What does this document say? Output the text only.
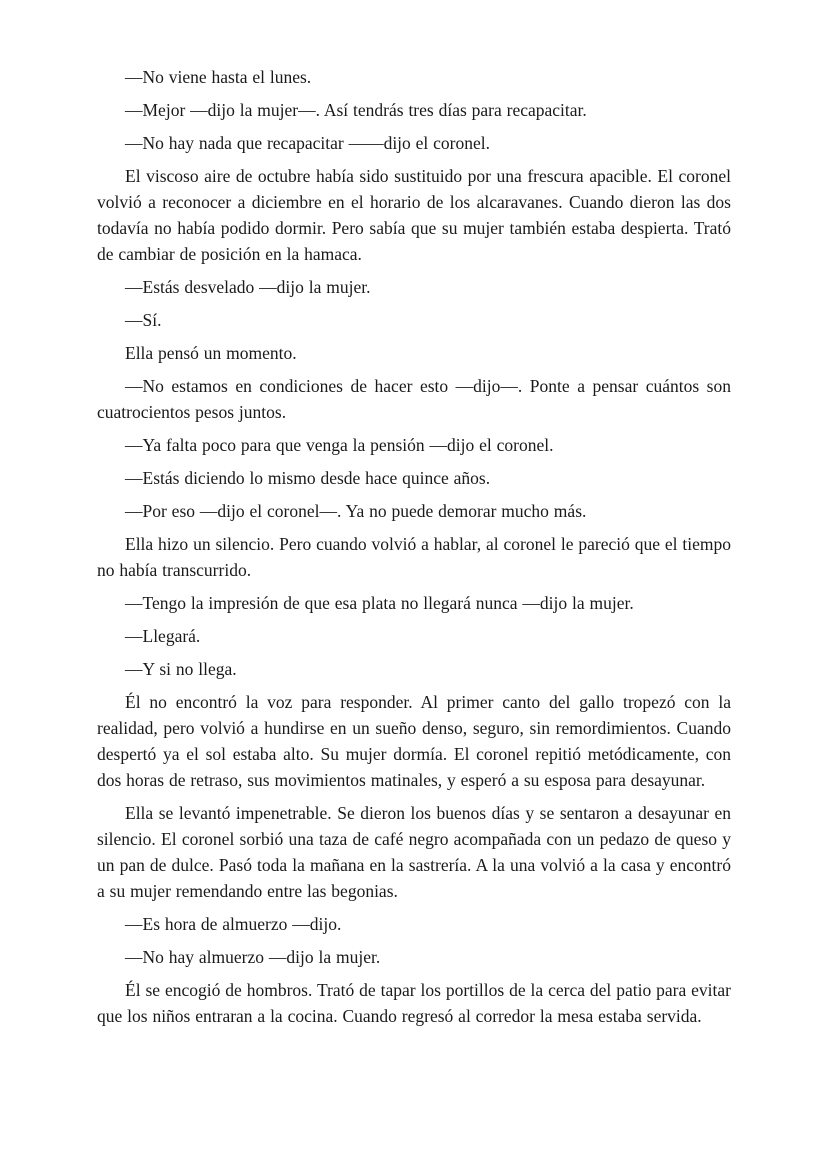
—No viene hasta el lunes.

—Mejor —dijo la mujer—. Así tendrás tres días para recapacitar.

—No hay nada que recapacitar ——dijo el coronel.

El viscoso aire de octubre había sido sustituido por una frescura apacible. El coronel volvió a reconocer a diciembre en el horario de los alcaravanes. Cuando dieron las dos todavía no había podido dormir. Pero sabía que su mujer también estaba despierta. Trató de cambiar de posición en la hamaca.

—Estás desvelado —dijo la mujer.

—Sí.

Ella pensó un momento.

—No estamos en condiciones de hacer esto —dijo—. Ponte a pensar cuántos son cuatrocientos pesos juntos.

—Ya falta poco para que venga la pensión —dijo el coronel.

—Estás diciendo lo mismo desde hace quince años.

—Por eso —dijo el coronel—. Ya no puede demorar mucho más.

Ella hizo un silencio. Pero cuando volvió a hablar, al coronel le pareció que el tiempo no había transcurrido.

—Tengo la impresión de que esa plata no llegará nunca —dijo la mujer.

—Llegará.

—Y si no llega.

Él no encontró la voz para responder. Al primer canto del gallo tropezó con la realidad, pero volvió a hundirse en un sueño denso, seguro, sin remordimientos. Cuando despertó ya el sol estaba alto. Su mujer dormía. El coronel repitió metódicamente, con dos horas de retraso, sus movimientos matinales, y esperó a su esposa para desayunar.

Ella se levantó impenetrable. Se dieron los buenos días y se sentaron a desayunar en silencio. El coronel sorbió una taza de café negro acompañada con un pedazo de queso y un pan de dulce. Pasó toda la mañana en la sastrería. A la una volvió a la casa y encontró a su mujer remendando entre las begonias.

—Es hora de almuerzo —dijo.

—No hay almuerzo —dijo la mujer.

Él se encogió de hombros. Trató de tapar los portillos de la cerca del patio para evitar que los niños entraran a la cocina. Cuando regresó al corredor la mesa estaba servida.
